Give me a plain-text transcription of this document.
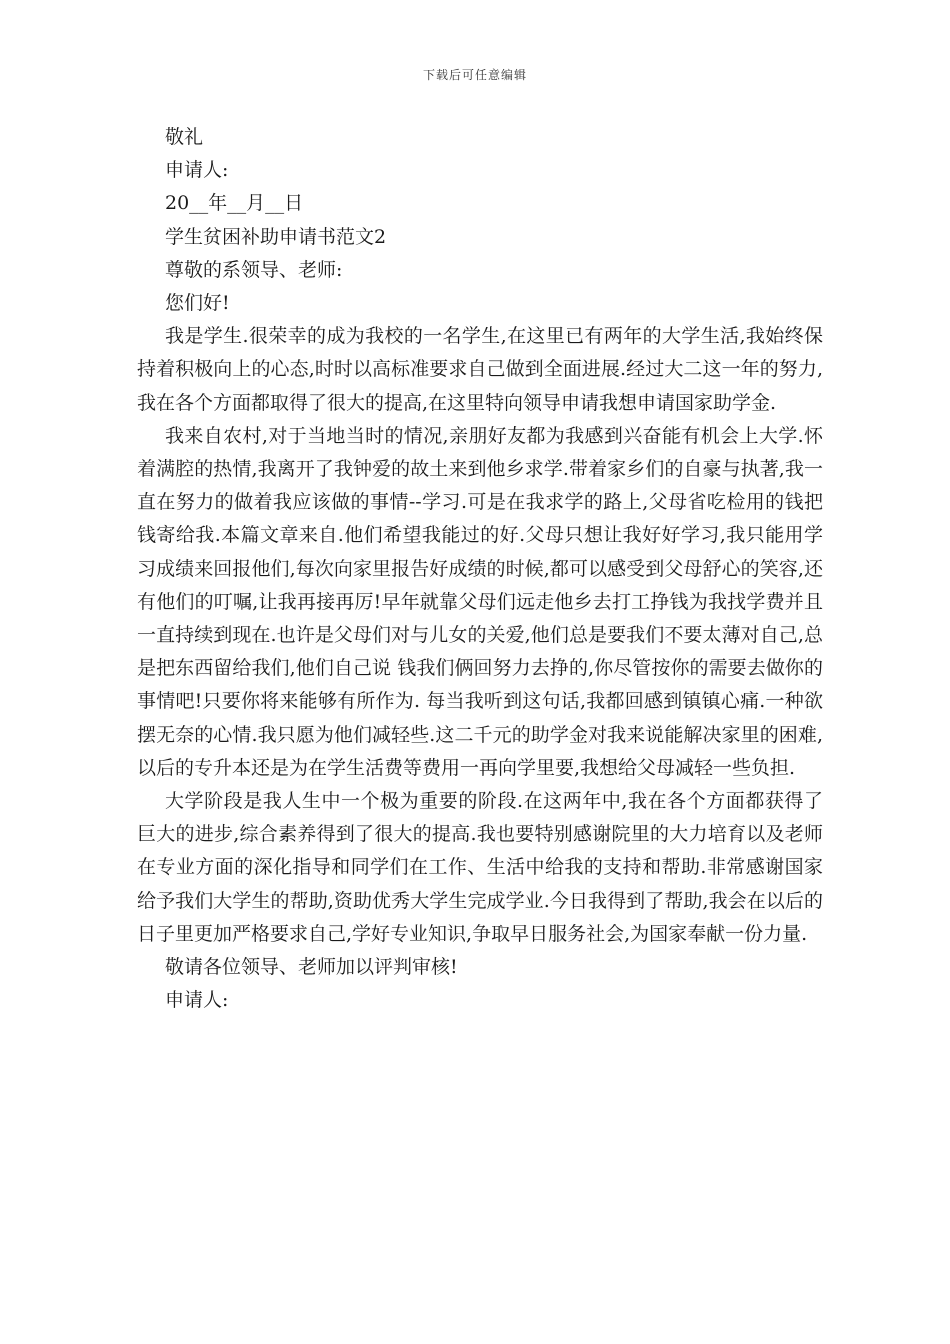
下载后可任意编辑

敬礼

申请人:

20__年__月__日

学生贫困补助申请书范文2

尊敬的系领导、老师:

您们好!

我是学生.很荣幸的成为我校的一名学生,在这里已有两年的大学生活,我始终保持着积极向上的心态,时时以高标准要求自己做到全面进展.经过大二这一年的努力,我在各个方面都取得了很大的提高,在这里特向领导申请我想申请国家助学金.

我来自农村,对于当地当时的情况,亲朋好友都为我感到兴奋能有机会上大学.怀着满腔的热情,我离开了我钟爱的故土来到他乡求学.带着家乡们的自豪与执著,我一直在努力的做着我应该做的事情--学习.可是在我求学的路上,父母省吃检用的钱把钱寄给我.本篇文章来自.他们希望我能过的好.父母只想让我好好学习,我只能用学习成绩来回报他们,每次向家里报告好成绩的时候,都可以感受到父母舒心的笑容,还有他们的叮嘱,让我再接再厉!早年就靠父母们远走他乡去打工挣钱为我找学费并且一直持续到现在.也许是父母们对与儿女的关爱,他们总是要我们不要太薄对自己,总是把东西留给我们,他们自己说 钱我们俩回努力去挣的,你尽管按你的需要去做你的事情吧!只要你将来能够有所作为. 每当我听到这句话,我都回感到镇镇心痛.一种欲摆无奈的心情.我只愿为他们减轻些.这二千元的助学金对我来说能解决家里的困难,以后的专升本还是为在学生活费等费用一再向学里要,我想给父母减轻一些负担.

大学阶段是我人生中一个极为重要的阶段.在这两年中,我在各个方面都获得了巨大的进步,综合素养得到了很大的提高.我也要特别感谢院里的大力培育以及老师在专业方面的深化指导和同学们在工作、生活中给我的支持和帮助.非常感谢国家给予我们大学生的帮助,资助优秀大学生完成学业.今日我得到了帮助,我会在以后的日子里更加严格要求自己,学好专业知识,争取早日服务社会,为国家奉献一份力量.

敬请各位领导、老师加以评判审核!

申请人:
